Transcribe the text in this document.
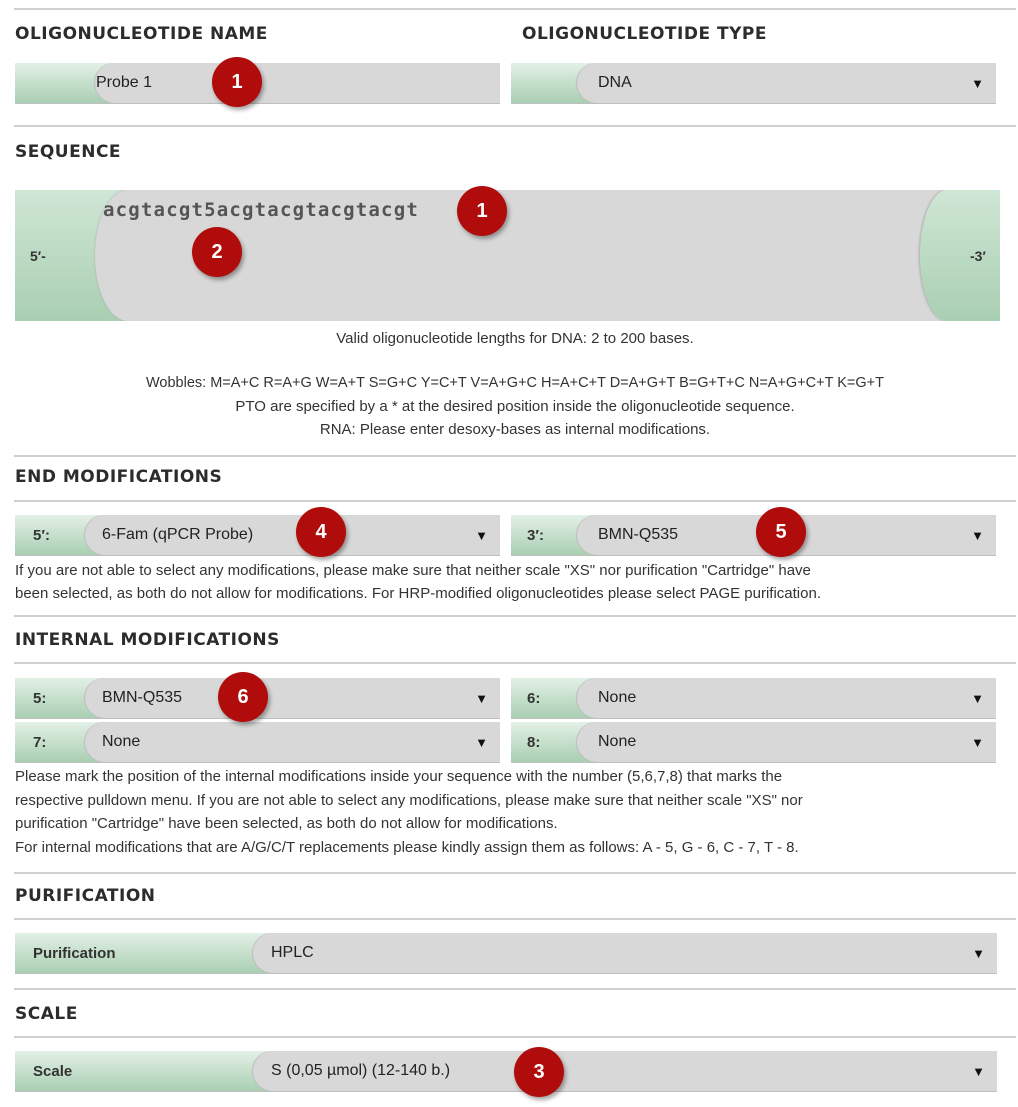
OLIGONUCLEOTIDE NAME	OLIGONUCLEOTIDE TYPE
Probe 1	DNA	▼
SEQUENCE
5′-	-3′
acgtacgt5acgtacgtacgtacgt
Valid oligonucleotide lengths for DNA: 2 to 200 bases.
Wobbles: M=A+C R=A+G W=A+T S=G+C Y=C+T V=A+G+C H=A+C+T D=A+G+T B=G+T+C N=A+G+C+T K=G+T
PTO are specified by a * at the desired position inside the oligonucleotide sequence.
RNA: Please enter desoxy-bases as internal modifications.
END MODIFICATIONS
5′:	6-Fam (qPCR Probe)	▼	3′:	BMN-Q535	▼
If you are not able to select any modifications, please make sure that neither scale "XS" nor purification "Cartridge" have
been selected, as both do not allow for modifications. For HRP-modified oligonucleotides please select PAGE purification.
INTERNAL MODIFICATIONS
5:	BMN-Q535	▼	6:	None	▼
7:	None	▼	8:	None	▼
Please mark the position of the internal modifications inside your sequence with the number (5,6,7,8) that marks the
respective pulldown menu. If you are not able to select any modifications, please make sure that neither scale "XS" nor
purification "Cartridge" have been selected, as both do not allow for modifications.
For internal modifications that are A/G/C/T replacements please kindly assign them as follows: A - 5, G - 6, C - 7, T - 8.
PURIFICATION
Purification	HPLC	▼
SCALE
Scale	S (0,05 µmol) (12-140 b.)	▼
1
1
2
4	5
6
3
